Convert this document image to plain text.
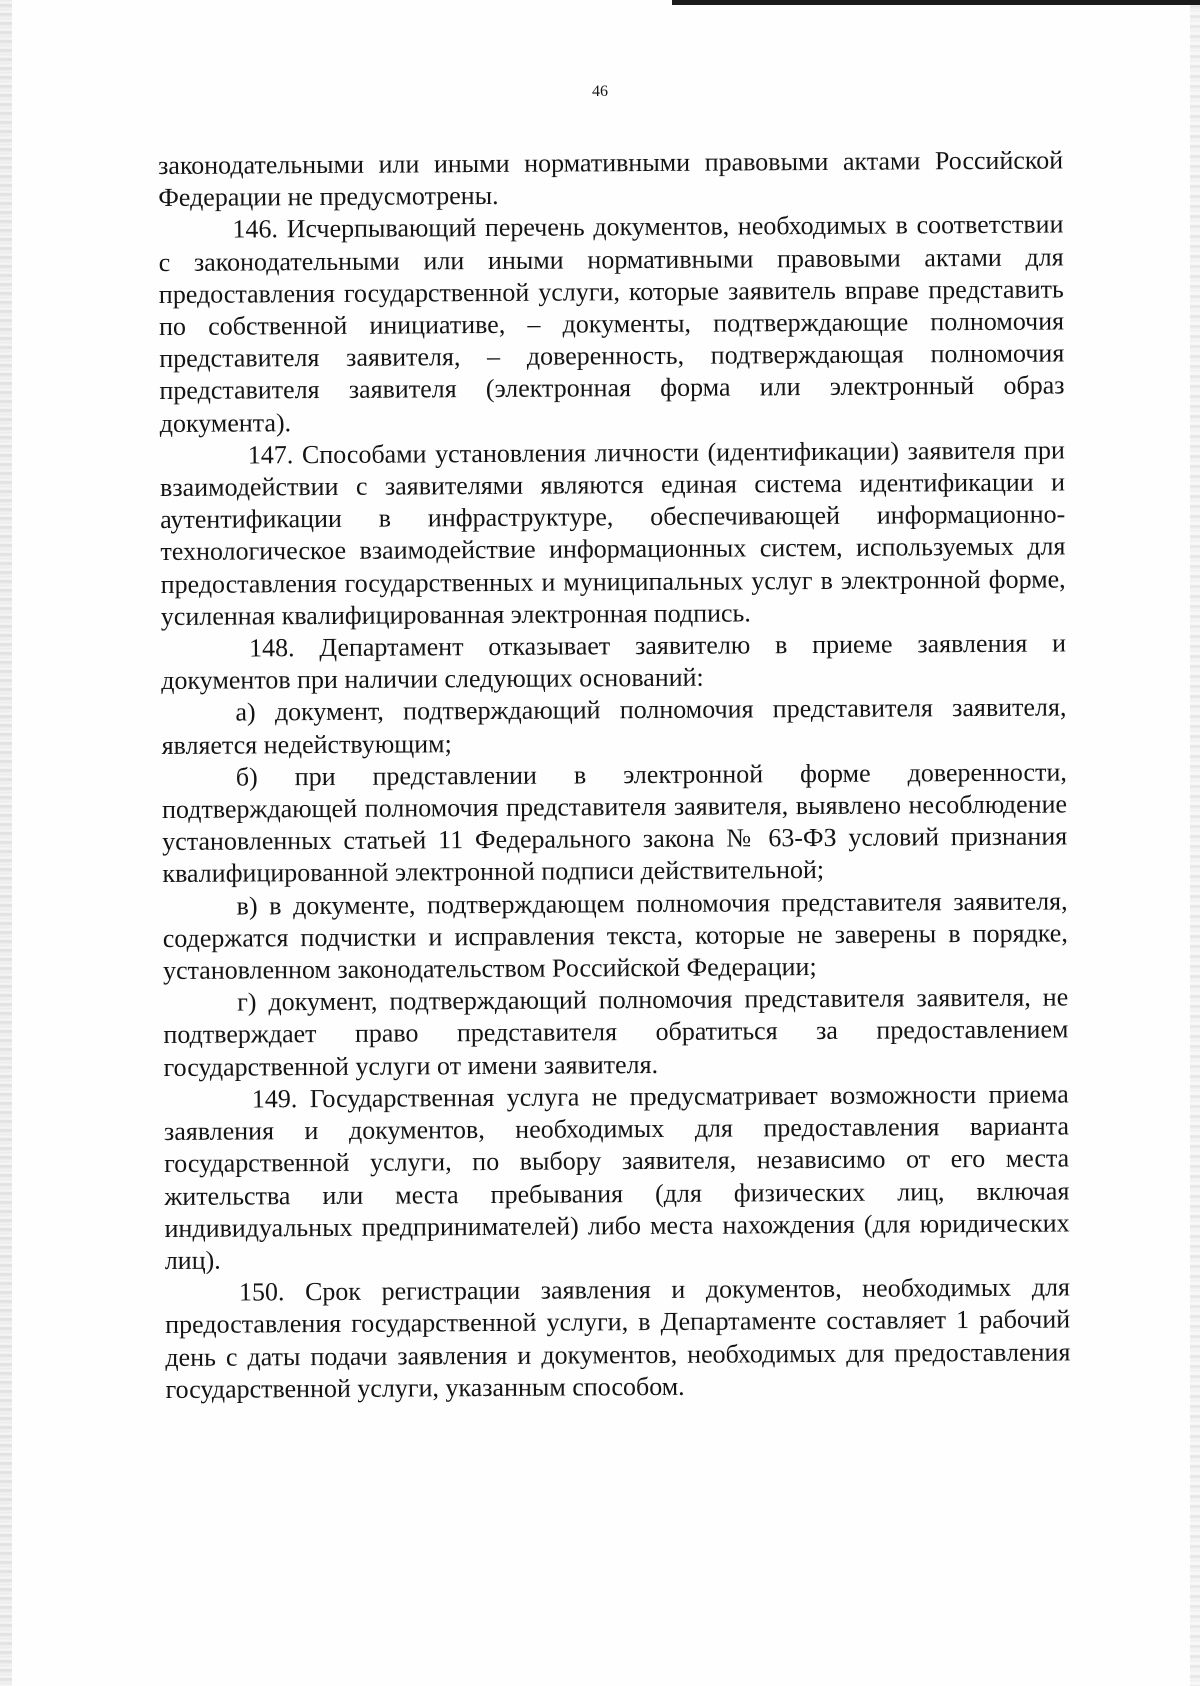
46

законодательными или иными нормативными правовыми актами Российской Федерации не предусмотрены.

146. Исчерпывающий перечень документов, необходимых в соответствии с законодательными или иными нормативными правовыми актами для предоставления государственной услуги, которые заявитель вправе представить по собственной инициативе, – документы, подтверждающие полномочия представителя заявителя, – доверенность, подтверждающая полномочия представителя заявителя (электронная форма или электронный образ документа).

147. Способами установления личности (идентификации) заявителя при взаимодействии с заявителями являются единая система идентификации и аутентификации в инфраструктуре, обеспечивающей информационно-технологическое взаимодействие информационных систем, используемых для предоставления государственных и муниципальных услуг в электронной форме, усиленная квалифицированная электронная подпись.

148. Департамент отказывает заявителю в приеме заявления и документов при наличии следующих оснований:

а) документ, подтверждающий полномочия представителя заявителя, является недействующим;

б) при представлении в электронной форме доверенности, подтверждающей полномочия представителя заявителя, выявлено несоблюдение установленных статьей 11 Федерального закона № 63-ФЗ условий признания квалифицированной электронной подписи действительной;

в) в документе, подтверждающем полномочия представителя заявителя, содержатся подчистки и исправления текста, которые не заверены в порядке, установленном законодательством Российской Федерации;

г) документ, подтверждающий полномочия представителя заявителя, не подтверждает право представителя обратиться за предоставлением государственной услуги от имени заявителя.

149. Государственная услуга не предусматривает возможности приема заявления и документов, необходимых для предоставления варианта государственной услуги, по выбору заявителя, независимо от его места жительства или места пребывания (для физических лиц, включая индивидуальных предпринимателей) либо места нахождения (для юридических лиц).

150. Срок регистрации заявления и документов, необходимых для предоставления государственной услуги, в Департаменте составляет 1 рабочий день с даты подачи заявления и документов, необходимых для предоставления государственной услуги, указанным способом.
